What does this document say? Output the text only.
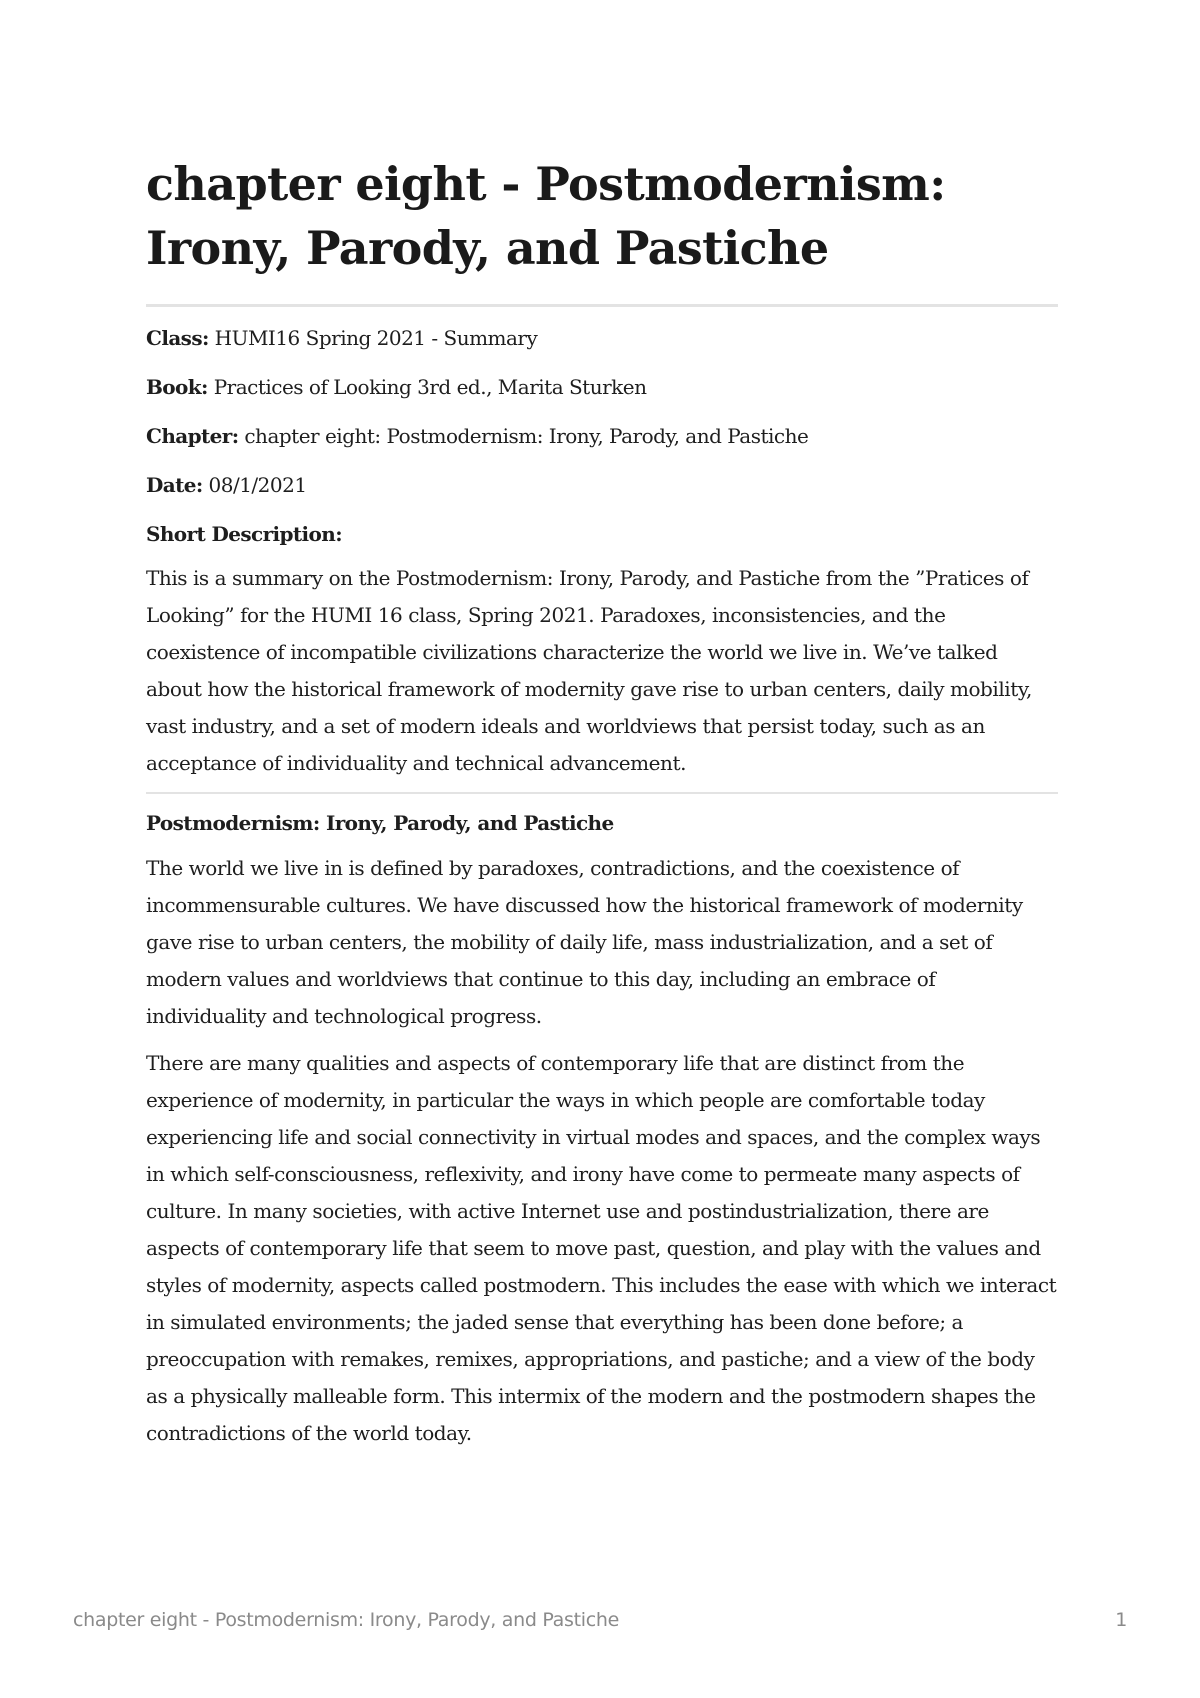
chapter eight - Postmodernism:
Irony, Parody, and Pastiche

Class: HUMI16 Spring 2021 - Summary

Book: Practices of Looking 3rd ed., Marita Sturken

Chapter: chapter eight: Postmodernism: Irony, Parody, and Pastiche

Date: 08/1/2021

Short Description:

This is a summary on the Postmodernism: Irony, Parody, and Pastiche from the ”Pratices of Looking” for the HUMI 16 class, Spring 2021. Paradoxes, inconsistencies, and the coexistence of incompatible civilizations characterize the world we live in. We’ve talked about how the historical framework of modernity gave rise to urban centers, daily mobility, vast industry, and a set of modern ideals and worldviews that persist today, such as an acceptance of individuality and technical advancement.

Postmodernism: Irony, Parody, and Pastiche

The world we live in is defined by paradoxes, contradictions, and the coexistence of incommensurable cultures. We have discussed how the historical framework of modernity gave rise to urban centers, the mobility of daily life, mass industrialization, and a set of modern values and worldviews that continue to this day, including an embrace of individuality and technological progress.

There are many qualities and aspects of contemporary life that are distinct from the experience of modernity, in particular the ways in which people are comfortable today experiencing life and social connectivity in virtual modes and spaces, and the complex ways in which self-consciousness, reflexivity, and irony have come to permeate many aspects of culture. In many societies, with active Internet use and postindustrialization, there are aspects of contemporary life that seem to move past, question, and play with the values and styles of modernity, aspects called postmodern. This includes the ease with which we interact in simulated environments; the jaded sense that everything has been done before; a preoccupation with remakes, remixes, appropriations, and pastiche; and a view of the body as a physically malleable form. This intermix of the modern and the postmodern shapes the contradictions of the world today.

chapter eight - Postmodernism: Irony, Parody, and Pastiche	1
